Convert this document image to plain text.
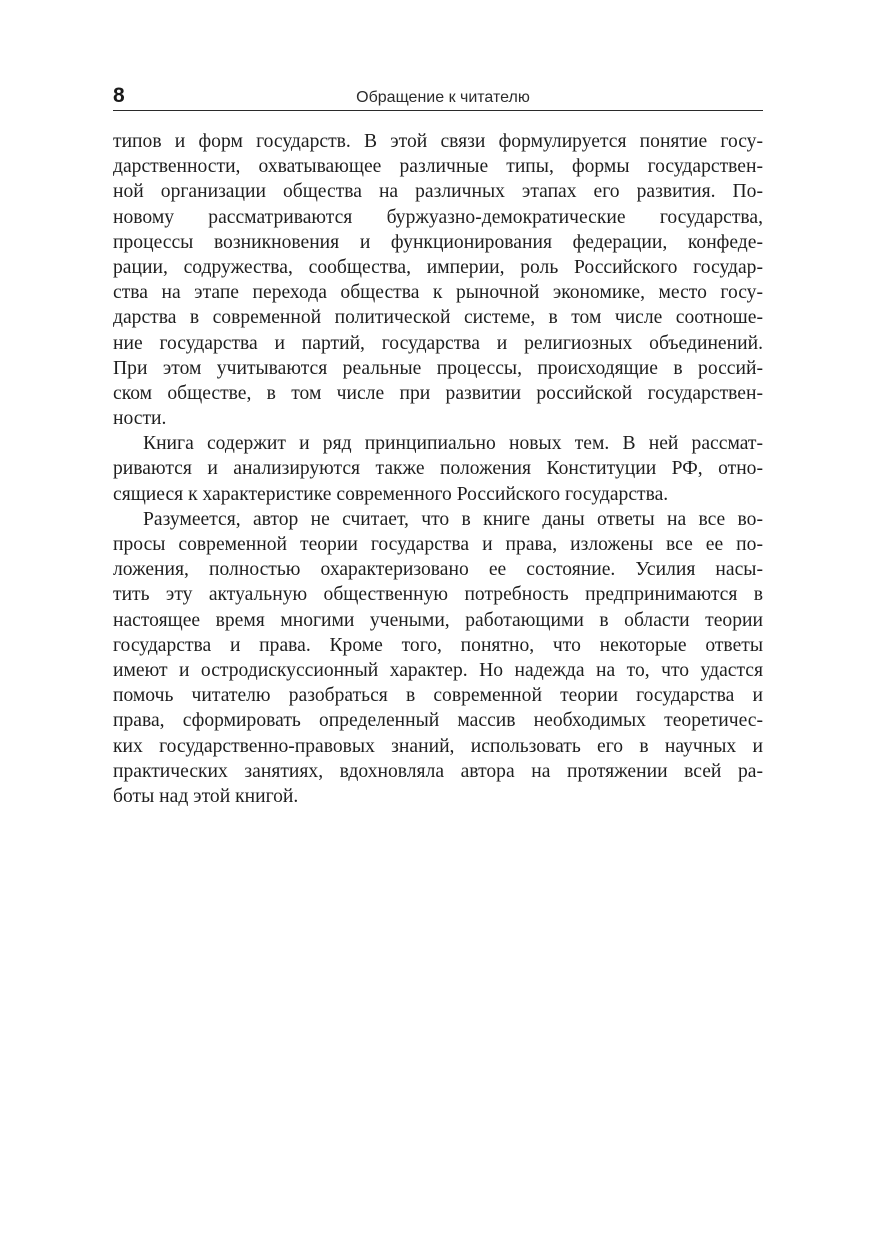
8	Обращение к читателю
типов и форм государств. В этой связи формулируется понятие госу-
дарственности, охватывающее различные типы, формы государствен-
ной организации общества на различных этапах его развития. По-
новому рассматриваются буржуазно-демократические государства,
процессы возникновения и функционирования федерации, конфеде-
рации, содружества, сообщества, империи, роль Российского государ-
ства на этапе перехода общества к рыночной экономике, место госу-
дарства в современной политической системе, в том числе соотноше-
ние государства и партий, государства и религиозных объединений.
При этом учитываются реальные процессы, происходящие в россий-
ском обществе, в том числе при развитии российской государствен-
ности.
Книга содержит и ряд принципиально новых тем. В ней рассмат-
риваются и анализируются также положения Конституции РФ, отно-
сящиеся к характеристике современного Российского государства.
Разумеется, автор не считает, что в книге даны ответы на все во-
просы современной теории государства и права, изложены все ее по-
ложения, полностью охарактеризовано ее состояние. Усилия насы-
тить эту актуальную общественную потребность предпринимаются в
настоящее время многими учеными, работающими в области теории
государства и права. Кроме того, понятно, что некоторые ответы
имеют и остродискуссионный характер. Но надежда на то, что удастся
помочь читателю разобраться в современной теории государства и
права, сформировать определенный массив необходимых теоретичес-
ких государственно-правовых знаний, использовать его в научных и
практических занятиях, вдохновляла автора на протяжении всей ра-
боты над этой книгой.
